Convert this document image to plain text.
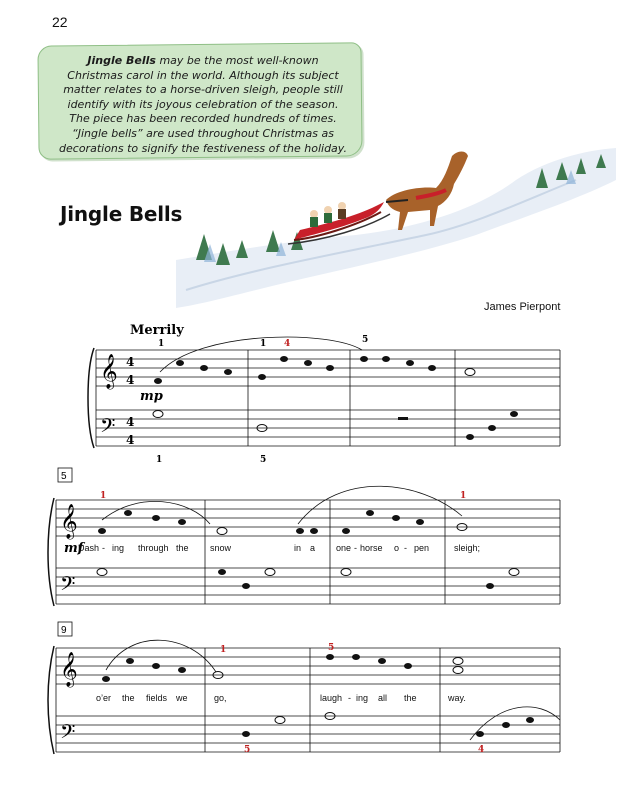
22
Jingle Bells may be the most well-known Christmas carol in the world. Although its subject matter relates to a horse-driven sleigh, people still identify with its joyous celebration of the season. The piece has been recorded hundreds of times. “Jingle bells” are used throughout Christmas as decorations to signify the festiveness of the holiday.
Jingle Bells
James Pierpont
Merrily
mp
mf
𝄞
𝄢
4
4
4
4
1	1 4	5
1	5
5
𝄞
𝄢
1	1
Dash - ing through the snow	in a one - horse o - pen	sleigh;
9
𝄞
𝄢
1	5
5	4
o’er the fields we	go,	laugh - ing all the	way.
